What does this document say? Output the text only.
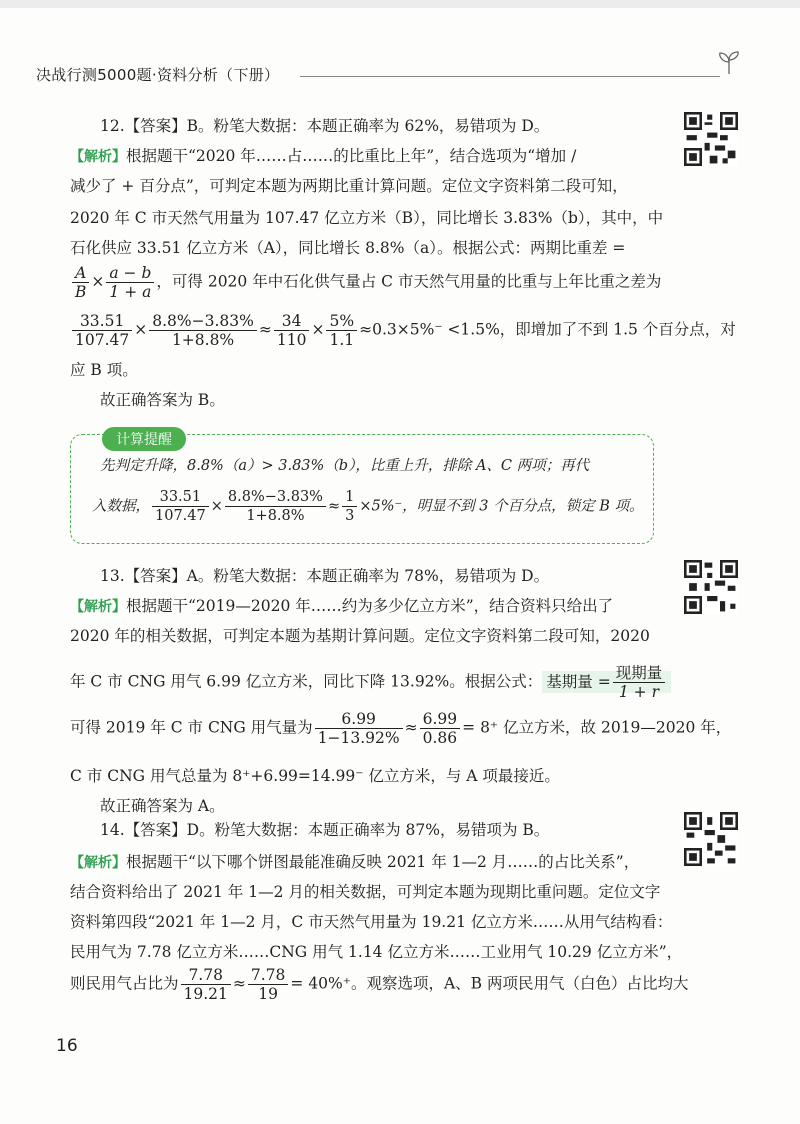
决战行测5000题·资料分析（下册）
12.【答案】B。粉笔大数据：本题正确率为 62%，易错项为 D。
【解析】根据题干“2020 年……占……的比重比上年”，结合选项为“增加 /
减少了 + 百分点”，可判定本题为两期比重计算问题。定位文字资料第二段可知，
2020 年 C 市天然气用量为 107.47 亿立方米（B），同比增长 3.83%（b），其中，中
石化供应 33.51 亿立方米（A），同比增长 8.8%（a）。根据公式：两期比重差 =
$\frac{A}{B} \times \frac{a - b}{1 + a}$ ，可得 2020 年中石化供气量占 C 市天然气用量的比重与上年比重之差为
$\frac{33.51}{107.47} \times \frac{8.8\%-3.83\%}{1+8.8\%} \approx \frac{34}{110} \times \frac{5\%}{1.1} \approx 0.3\times 5\%^- <1.5\%$，即增加了不到 1.5 个百分点，对
应 B 项。
故正确答案为 B。
计算提醒
先判定升降，8.8%（a）> 3.83%（b），比重上升，排除 A、C 两项；再代
入数据， $\frac{33.51}{107.47} \times \frac{8.8\%-3.83\%}{1+8.8\%} \approx \frac{1}{3} \times 5\%^-$，明显不到 3 个百分点，锁定 B 项。
13.【答案】A。粉笔大数据：本题正确率为 78%，易错项为 D。
【解析】根据题干“2019—2020 年……约为多少亿立方米”，结合资料只给出了
2020 年的相关数据，可判定本题为基期计算问题。定位文字资料第二段可知，2020
年 C 市 CNG 用气 6.99 亿立方米，同比下降 13.92%。根据公式： 基期量 = $\frac{\text{现期量}}{1 + r}$
可得 2019 年 C 市 CNG 用气量为 $\frac{6.99}{1-13.92\%} \approx \frac{6.99}{0.86} = 8^+$ 亿立方米，故 2019—2020 年，
C 市 CNG 用气总量为 8⁺+6.99=14.99⁻ 亿立方米，与 A 项最接近。
故正确答案为 A。
14.【答案】D。粉笔大数据：本题正确率为 87%，易错项为 B。
【解析】根据题干“以下哪个饼图最能准确反映 2021 年 1—2 月……的占比关系”，
结合资料给出了 2021 年 1—2 月的相关数据，可判定本题为现期比重问题。定位文字
资料第四段“2021 年 1—2 月，C 市天然气用量为 19.21 亿立方米……从用气结构看：
民用气为 7.78 亿立方米……CNG 用气 1.14 亿立方米……工业用气 10.29 亿立方米”，
则民用气占比为 $\frac{7.78}{19.21} \approx \frac{7.78}{19} = 40\%^+$。观察选项，A、B 两项民用气（白色）占比均大
16
